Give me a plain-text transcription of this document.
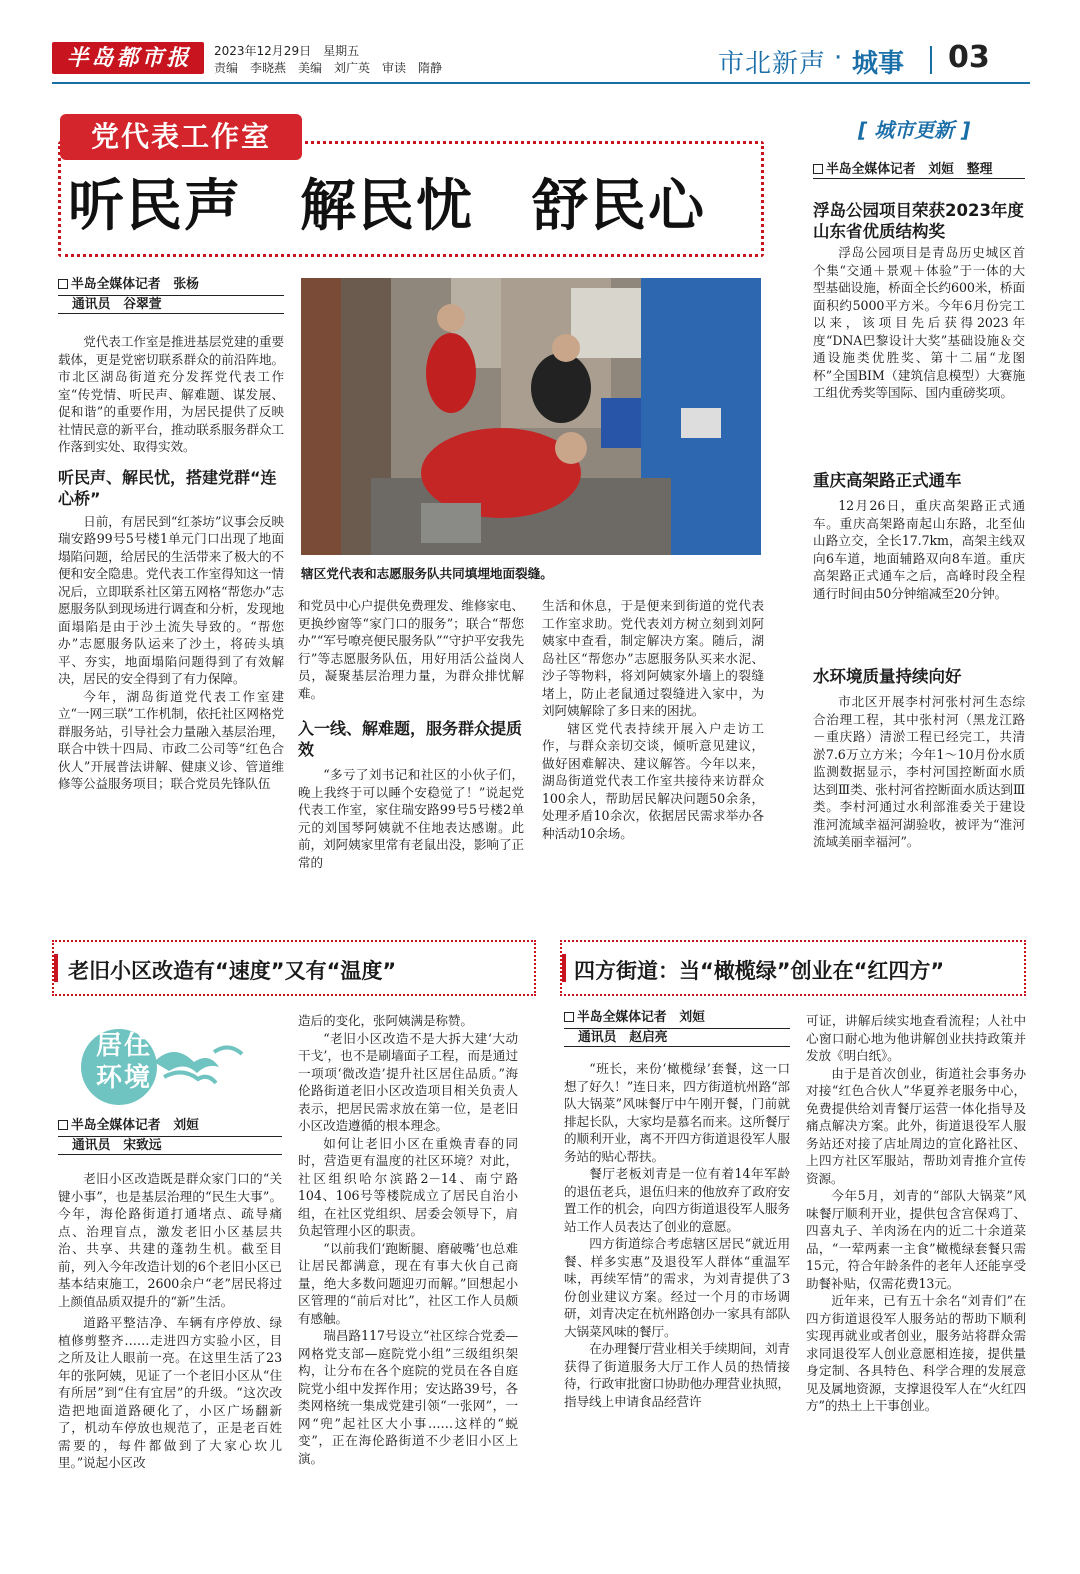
半岛都市报	2023年12月29日　星期五
责编　李晓燕　美编　刘广英　审读　隋静	市北新声 · 城事 03
党代表工作室
听民声　解民忧　舒民心
半岛全媒体记者　张杨
通讯员　谷翠萱
辖区党代表和志愿服务队共同填埋地面裂缝。

党代表工作室是推进基层党建的重要载体，更是党密切联系群众的前沿阵地。市北区湖岛街道充分发挥党代表工作室“传党情、听民声、解难题、谋发展、促和谐”的重要作用，为居民提供了反映社情民意的新平台，推动联系服务群众工作落到实处、取得实效。

听民声、解民忧，搭建党群“连心桥”

日前，有居民到“红茶坊”议事会反映瑞安路99号5号楼1单元门口出现了地面塌陷问题，给居民的生活带来了极大的不便和安全隐患。党代表工作室得知这一情况后，立即联系社区第五网格“帮您办”志愿服务队到现场进行调查和分析，发现地面塌陷是由于沙土流失导致的。“帮您办”志愿服务队运来了沙土，将砖头填平、夯实，地面塌陷问题得到了有效解决，居民的安全得到了有力保障。

今年，湖岛街道党代表工作室建立“一网三联”工作机制，依托社区网格党群服务站，引导社会力量融入基层治理，联合中铁十四局、市政二公司等“红色合伙人”开展普法讲解、健康义诊、管道维修等公益服务项目；联合党员先锋队伍

和党员中心户提供免费理发、维修家电、更换纱窗等“家门口的服务”；联合“帮您办”“军号嘹亮便民服务队”“守护平安我先行”等志愿服务队伍，用好用活公益岗人员，凝聚基层治理力量，为群众排忧解难。

入一线、解难题，服务群众提质效

“多亏了刘书记和社区的小伙子们，晚上我终于可以睡个安稳觉了！”说起党代表工作室，家住瑞安路99号5号楼2单元的刘国琴阿姨就不住地表达感谢。此前，刘阿姨家里常有老鼠出没，影响了正常的

生活和休息，于是便来到街道的党代表工作室求助。党代表刘方树立刻到刘阿姨家中查看，制定解决方案。随后，湖岛社区“帮您办”志愿服务队买来水泥、沙子等物料，将刘阿姨家外墙上的裂缝堵上，防止老鼠通过裂缝进入家中，为刘阿姨解除了多日来的困扰。

辖区党代表持续开展入户走访工作，与群众亲切交谈，倾听意见建议，做好困难解决、建议解答。今年以来，湖岛街道党代表工作室共接待来访群众100余人，帮助居民解决问题50余条，处理矛盾10余次，依据居民需求举办各种活动10余场。

[ 城市更新 ]
半岛全媒体记者　刘姮　整理
浮岛公园项目荣获2023年度山东省优质结构奖

浮岛公园项目是青岛历史城区首个集“交通＋景观＋体验”于一体的大型基础设施，桥面全长约600米，桥面面积约5000平方米。今年6月份完工以来，该项目先后获得2023年度“DNA巴黎设计大奖”基础设施＆交通设施类优胜奖、第十二届“龙图杯”全国BIM（建筑信息模型）大赛施工组优秀奖等国际、国内重磅奖项。

重庆高架路正式通车

12月26日，重庆高架路正式通车。重庆高架路南起山东路，北至仙山路立交，全长17.7km，高架主线双向6车道，地面辅路双向8车道。重庆高架路正式通车之后，高峰时段全程通行时间由50分钟缩减至20分钟。

水环境质量持续向好

市北区开展李村河张村河生态综合治理工程，其中张村河（黑龙江路－重庆路）清淤工程已经完工，共清淤7.6万立方米；今年1～10月份水质监测数据显示，李村河国控断面水质达到Ⅲ类、张村河省控断面水质达到Ⅲ类。李村河通过水利部淮委关于建设淮河流域幸福河湖验收，被评为“淮河流域美丽幸福河”。

老旧小区改造有“速度”又有“温度”
居住环境
半岛全媒体记者　刘姮
通讯员　宋致远

老旧小区改造既是群众家门口的“关键小事”，也是基层治理的“民生大事”。今年，海伦路街道打通堵点、疏导痛点、治理盲点，激发老旧小区基层共治、共享、共建的蓬勃生机。截至目前，列入今年改造计划的6个老旧小区已基本结束施工，2600余户“老”居民将过上颜值品质双提升的“新”生活。

道路平整洁净、车辆有序停放、绿植修剪整齐……走进四方实验小区，目之所及让人眼前一亮。在这里生活了23年的张阿姨，见证了一个老旧小区从“住有所居”到“住有宜居”的升级。“这次改造把地面道路硬化了，小区广场翻新了，机动车停放也规范了，正是老百姓需要的，每件都做到了大家心坎儿里。”说起小区改

造后的变化，张阿姨满是称赞。

“老旧小区改造不是大拆大建‘大动干戈’，也不是刷墙面子工程，而是通过一项项‘微改造’提升社区居住品质。”海伦路街道老旧小区改造项目相关负责人表示，把居民需求放在第一位，是老旧小区改造遵循的根本理念。

如何让老旧小区在重焕青春的同时，营造更有温度的社区环境？对此，社区组织哈尔滨路2－14、南宁路104、106号等楼院成立了居民自治小组，在社区党组织、居委会领导下，肩负起管理小区的职责。

“以前我们‘跑断腿、磨破嘴’也总难让居民都满意，现在有事大伙自己商量，绝大多数问题迎刃而解。”回想起小区管理的“前后对比”，社区工作人员颇有感触。

瑞昌路117号设立“社区综合党委—网格党支部—庭院党小组”三级组织架构，让分布在各个庭院的党员在各自庭院党小组中发挥作用；安达路39号，各类网格统一集成党建引领“一张网”，一网“兜”起社区大小事……这样的“蜕变”，正在海伦路街道不少老旧小区上演。

四方街道：当“橄榄绿”创业在“红四方”
半岛全媒体记者　刘姮
通讯员　赵启亮

“班长，来份‘橄榄绿’套餐，这一口想了好久！”连日来，四方街道杭州路“部队大锅菜”风味餐厅中午刚开餐，门前就排起长队，大家均是慕名而来。这所餐厅的顺利开业，离不开四方街道退役军人服务站的贴心帮扶。

餐厅老板刘青是一位有着14年军龄的退伍老兵，退伍归来的他放弃了政府安置工作的机会，向四方街道退役军人服务站工作人员表达了创业的意愿。

四方街道综合考虑辖区居民“就近用餐、样多实惠”及退役军人群体“重温军味，再续军情”的需求，为刘青提供了3份创业建议方案。经过一个月的市场调研，刘青决定在杭州路创办一家具有部队大锅菜风味的餐厅。

在办理餐厅营业相关手续期间，刘青获得了街道服务大厅工作人员的热情接待，行政审批窗口协助他办理营业执照，指导线上申请食品经营许

可证，讲解后续实地查看流程；人社中心窗口耐心地为他讲解创业扶持政策并发放《明白纸》。

由于是首次创业，街道社会事务办对接“红色合伙人”华夏养老服务中心，免费提供给刘青餐厅运营一体化指导及痛点解决方案。此外，街道退役军人服务站还对接了店址周边的宣化路社区、上四方社区军服站，帮助刘青推介宣传资源。

今年5月，刘青的“部队大锅菜”风味餐厅顺利开业，提供包含宫保鸡丁、四喜丸子、羊肉汤在内的近二十余道菜品，“一荤两素一主食”橄榄绿套餐只需15元，符合年龄条件的老年人还能享受助餐补贴，仅需花费13元。

近年来，已有五十余名“刘青们”在四方街道退役军人服务站的帮助下顺利实现再就业或者创业，服务站将群众需求同退役军人创业意愿相连接，提供量身定制、各具特色、科学合理的发展意见及属地资源，支撑退役军人在“火红四方”的热土上干事创业。
